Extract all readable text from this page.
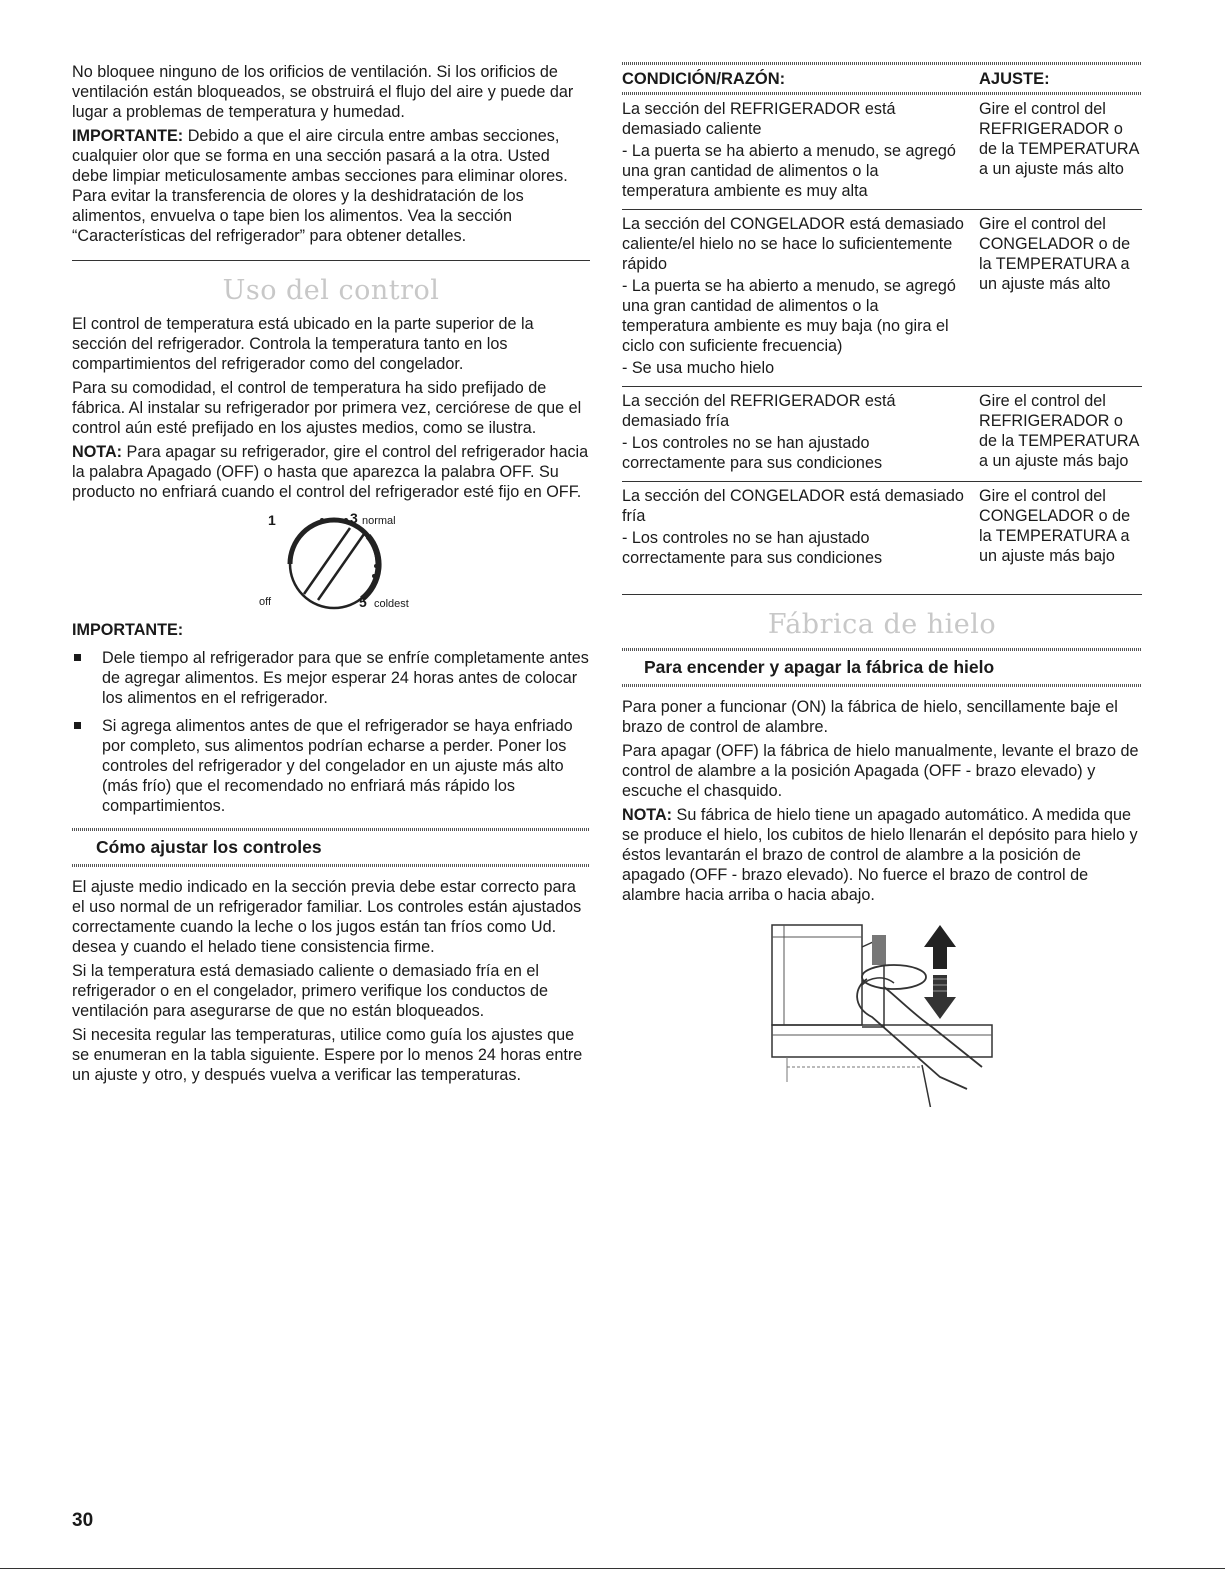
No bloquee ninguno de los orificios de ventilación. Si los orificios de ventilación están bloqueados, se obstruirá el flujo del aire y puede dar lugar a problemas de temperatura y humedad.

IMPORTANTE: Debido a que el aire circula entre ambas secciones, cualquier olor que se forma en una sección pasará a la otra. Usted debe limpiar meticulosamente ambas secciones para eliminar olores. Para evitar la transferencia de olores y la deshidratación de los alimentos, envuelva o tape bien los alimentos. Vea la sección “Características del refrigerador” para obtener detalles.

Uso del control

El control de temperatura está ubicado en la parte superior de la sección del refrigerador. Controla la temperatura tanto en los compartimientos del refrigerador como del congelador.

Para su comodidad, el control de temperatura ha sido prefijado de fábrica. Al instalar su refrigerador por primera vez, cerciórese de que el control aún esté prefijado en los ajustes medios, como se ilustra.

NOTA: Para apagar su refrigerador, gire el control del refrigerador hacia la palabra Apagado (OFF) o hasta que aparezca la palabra OFF. Su producto no enfriará cuando el control del refrigerador esté fijo en OFF.

1	3 normal
off	5 coldest

IMPORTANTE:

Dele tiempo al refrigerador para que se enfríe completamente antes de agregar alimentos. Es mejor esperar 24 horas antes de colocar los alimentos en el refrigerador.
Si agrega alimentos antes de que el refrigerador se haya enfriado por completo, sus alimentos podrían echarse a perder. Poner los controles del refrigerador y del congelador en un ajuste más alto (más frío) que el recomendado no enfriará más rápido los compartimientos.
Cómo ajustar los controles

El ajuste medio indicado en la sección previa debe estar correcto para el uso normal de un refrigerador familiar. Los controles están ajustados correctamente cuando la leche o los jugos están tan fríos como Ud. desea y cuando el helado tiene consistencia firme.

Si la temperatura está demasiado caliente o demasiado fría en el refrigerador o en el congelador, primero verifique los conductos de ventilación para asegurarse de que no están bloqueados.

Si necesita regular las temperaturas, utilice como guía los ajustes que se enumeran en la tabla siguiente. Espere por lo menos 24 horas entre un ajuste y otro, y después vuelva a verificar las temperaturas.

CONDICIÓN/RAZÓN:	AJUSTE:

La sección del REFRIGERADOR está demasiado caliente

- La puerta se ha abierto a menudo, se agregó una gran cantidad de alimentos o la temperatura ambiente es muy alta	Gire el control del REFRIGERADOR o de la TEMPERATURA a un ajuste más alto

La sección del CONGELADOR está demasiado caliente/el hielo no se hace lo suficientemente rápido

- La puerta se ha abierto a menudo, se agregó una gran cantidad de alimentos o la temperatura ambiente es muy baja (no gira el ciclo con suficiente frecuencia)

- Se usa mucho hielo	Gire el control del CONGELADOR o de la TEMPERATURA a un ajuste más alto

La sección del REFRIGERADOR está demasiado fría

- Los controles no se han ajustado correctamente para sus condiciones	Gire el control del REFRIGERADOR o de la TEMPERATURA a un ajuste más bajo

La sección del CONGELADOR está demasiado fría

- Los controles no se han ajustado correctamente para sus condiciones	Gire el control del CONGELADOR o de la TEMPERATURA a un ajuste más bajo
Fábrica de hielo
Para encender y apagar la fábrica de hielo

Para poner a funcionar (ON) la fábrica de hielo, sencillamente baje el brazo de control de alambre.

Para apagar (OFF) la fábrica de hielo manualmente, levante el brazo de control de alambre a la posición Apagada (OFF - brazo elevado) y escuche el chasquido.

NOTA: Su fábrica de hielo tiene un apagado automático. A medida que se produce el hielo, los cubitos de hielo llenarán el depósito para hielo y éstos levantarán el brazo de control de alambre a la posición de apagado (OFF - brazo elevado). No fuerce el brazo de control de alambre hacia arriba o hacia abajo.

30
